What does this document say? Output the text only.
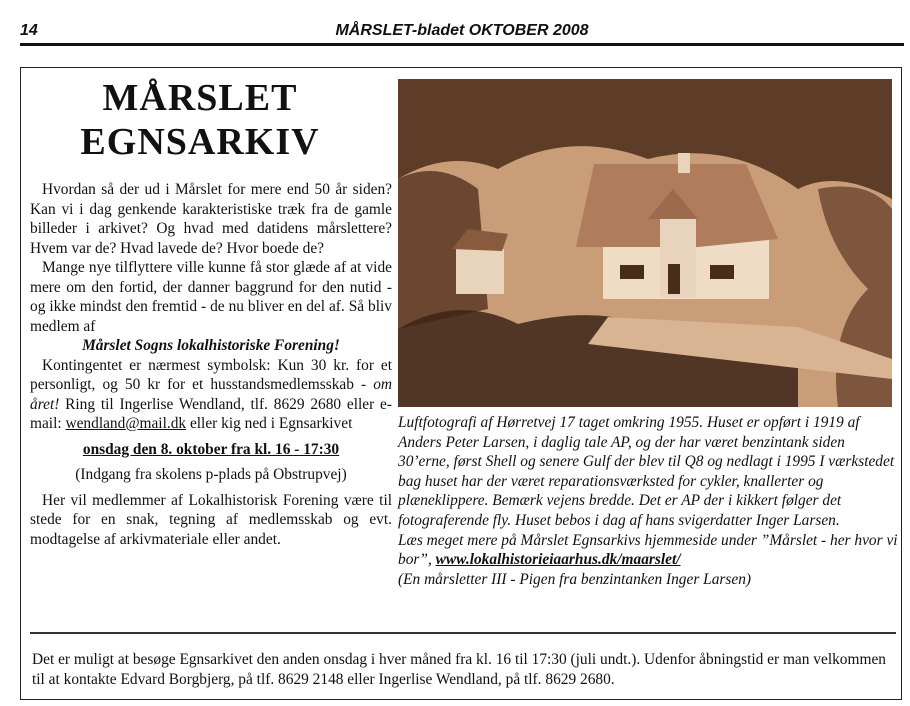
14	MÅRSLET-bladet OKTOBER 2008
MÅRSLET
EGNSARKIV

Hvordan så der ud i Mårslet for mere end 50 år siden? Kan vi i dag genkende karakteristiske træk fra de gamle billeder i arkivet? Og hvad med datidens mårslettere? Hvem var de? Hvad lavede de? Hvor boede de?

Mange nye tilflyttere ville kunne få stor glæde af at vide mere om den fortid, der danner baggrund for den nutid - og ikke mindst den fremtid - de nu bliver en del af. Så bliv medlem af

Mårslet Sogns lokalhistoriske Forening!

Kontingentet er nærmest symbolsk: Kun 30 kr. for et personligt, og 50 kr for et husstandsmedlemsskab - om året! Ring til Ingerlise Wendland, tlf. 8629 2680 eller e-mail: wendland@mail.dk eller kig ned i Egnsarkivet

onsdag den 8. oktober fra kl. 16 - 17:30

(Indgang fra skolens p-plads på Obstrupvej)

Her vil medlemmer af Lokalhistorisk Forening være til stede for en snak, tegning af medlemsskab og evt. modtagelse af arkivmateriale eller andet.

Luftfotografi af Hørretvej 17 taget omkring 1955. Huset er opført i 1919 af Anders Peter Larsen, i daglig tale AP, og der har været benzintank siden 30’erne, først Shell og senere Gulf der blev til Q8 og nedlagt i 1995 I værkstedet bag huset har der været reparationsværksted for cykler, knallerter og plæneklippere. Bemærk vejens bredde. Det er AP der i kikkert følger det fotograferende fly. Huset bebos i dag af hans svigerdatter Inger Larsen.

Læs meget mere på Mårslet Egnsarkivs hjemmeside under ”Mårslet - her hvor vi bor”, www.lokalhistorieiaarhus.dk/maarslet/

(En mårsletter III - Pigen fra benzintanken Inger Larsen)

Det er muligt at besøge Egnsarkivet den anden onsdag i hver måned fra kl. 16 til 17:30 (juli undt.). Udenfor åbningstid er man velkommen til at kontakte Edvard Borgbjerg, på tlf. 8629 2148 eller Ingerlise Wendland, på tlf. 8629 2680.
